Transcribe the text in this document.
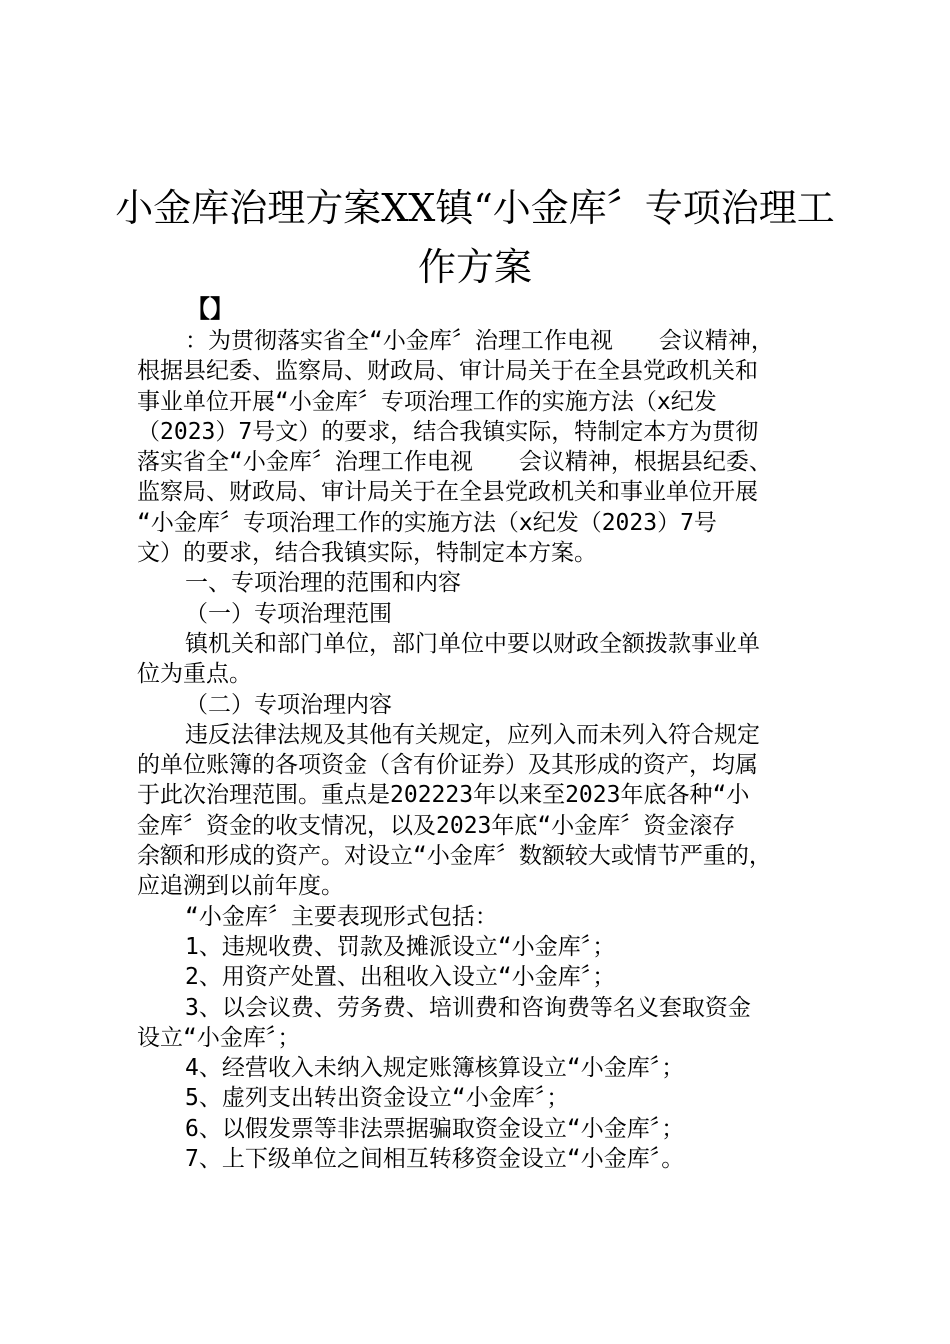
小金库治理方案XX镇“小金库〞专项治理工
作方案
【】
：为贯彻落实省全“小金库〞治理工作电视　　会议精神，
根据县纪委、监察局、财政局、审计局关于在全县党政机关和
事业单位开展“小金库〞专项治理工作的实施方法（x纪发
（2023）7号文）的要求，结合我镇实际，特制定本方为贯彻
落实省全“小金库〞治理工作电视　　会议精神，根据县纪委、
监察局、财政局、审计局关于在全县党政机关和事业单位开展
“小金库〞专项治理工作的实施方法（x纪发（2023）7号
文）的要求，结合我镇实际，特制定本方案。
一、专项治理的范围和内容
（一）专项治理范围
镇机关和部门单位，部门单位中要以财政全额拨款事业单
位为重点。
（二）专项治理内容
违反法律法规及其他有关规定，应列入而未列入符合规定
的单位账簿的各项资金（含有价证券）及其形成的资产，均属
于此次治理范围。重点是202223年以来至2023年底各种“小
金库〞资金的收支情况，以及2023年底“小金库〞资金滚存
余额和形成的资产。对设立“小金库〞数额较大或情节严重的，
应追溯到以前年度。
“小金库〞主要表现形式包括：
1、违规收费、罚款及摊派设立“小金库〞；
2、用资产处置、出租收入设立“小金库〞；
3、以会议费、劳务费、培训费和咨询费等名义套取资金
设立“小金库〞；
4、经营收入未纳入规定账簿核算设立“小金库〞；
5、虚列支出转出资金设立“小金库〞；
6、以假发票等非法票据骗取资金设立“小金库〞；
7、上下级单位之间相互转移资金设立“小金库〞。
